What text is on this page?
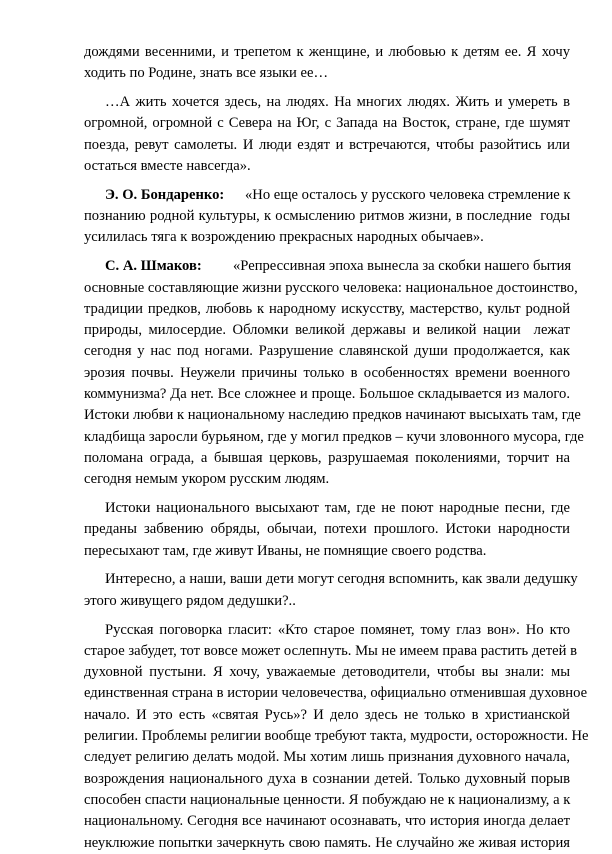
дождями весенними, и трепетом к женщине, и любовью к детям ее. Я хочу
ходить по Родине, знать все языки ее…
…А жить хочется здесь, на людях. На многих людях. Жить и умереть в
огромной, огромной с Севера на Юг, с Запада на Восток, стране, где шумят
поезда, ревут самолеты. И люди ездят и встречаются, чтобы разойтись или
остаться вместе навсегда».
Э. О. Бондаренко:	«Но еще осталось у русского человека стремление к
познанию родной культуры, к осмыслению ритмов жизни, в последние  годы
усилилась тяга к возрождению прекрасных народных обычаев».
С. А. Шмаков:	«Репрессивная эпоха вынесла за скобки нашего бытия
основные составляющие жизни русского человека: национальное достоинство,
традиции предков, любовь к народному искусству, мастерство, культ родной
природы, милосердие. Обломки великой державы и великой нации  лежат
сегодня у нас под ногами. Разрушение славянской души продолжается, как
эрозия почвы. Неужели причины только в особенностях времени военного
коммунизма? Да нет. Все сложнее и проще. Большое складывается из малого.
Истоки любви к национальному наследию предков начинают высыхать там, где
кладбища заросли бурьяном, где у могил предков – кучи зловонного мусора, где
поломана ограда, а бывшая церковь, разрушаемая поколениями, торчит на
сегодня немым укором русским людям.
Истоки национального высыхают там, где не поют народные песни, где
преданы забвению обряды, обычаи, потехи прошлого. Истоки народности
пересыхают там, где живут Иваны, не помнящие своего родства.
Интересно, а наши, ваши дети могут сегодня вспомнить, как звали дедушку
этого живущего рядом дедушки?..
Русская поговорка гласит: «Кто старое помянет, тому глаз вон». Но кто
старое забудет, тот вовсе может ослепнуть. Мы не имеем права растить детей в
духовной пустыни. Я хочу, уважаемые детоводители, чтобы вы знали: мы
единственная страна в истории человечества, официально отменившая духовное
начало. И это есть «святая Русь»? И дело здесь не только в христианской
религии. Проблемы религии вообще требуют такта, мудрости, осторожности. Не
следует религию делать модой. Мы хотим лишь признания духовного начала,
возрождения национального духа в сознании детей. Только духовный порыв
способен спасти национальные ценности. Я побуждаю не к национализму, а к
национальному. Сегодня все начинают осознавать, что история иногда делает
неуклюжие попытки зачеркнуть свою память. Не случайно же живая история
